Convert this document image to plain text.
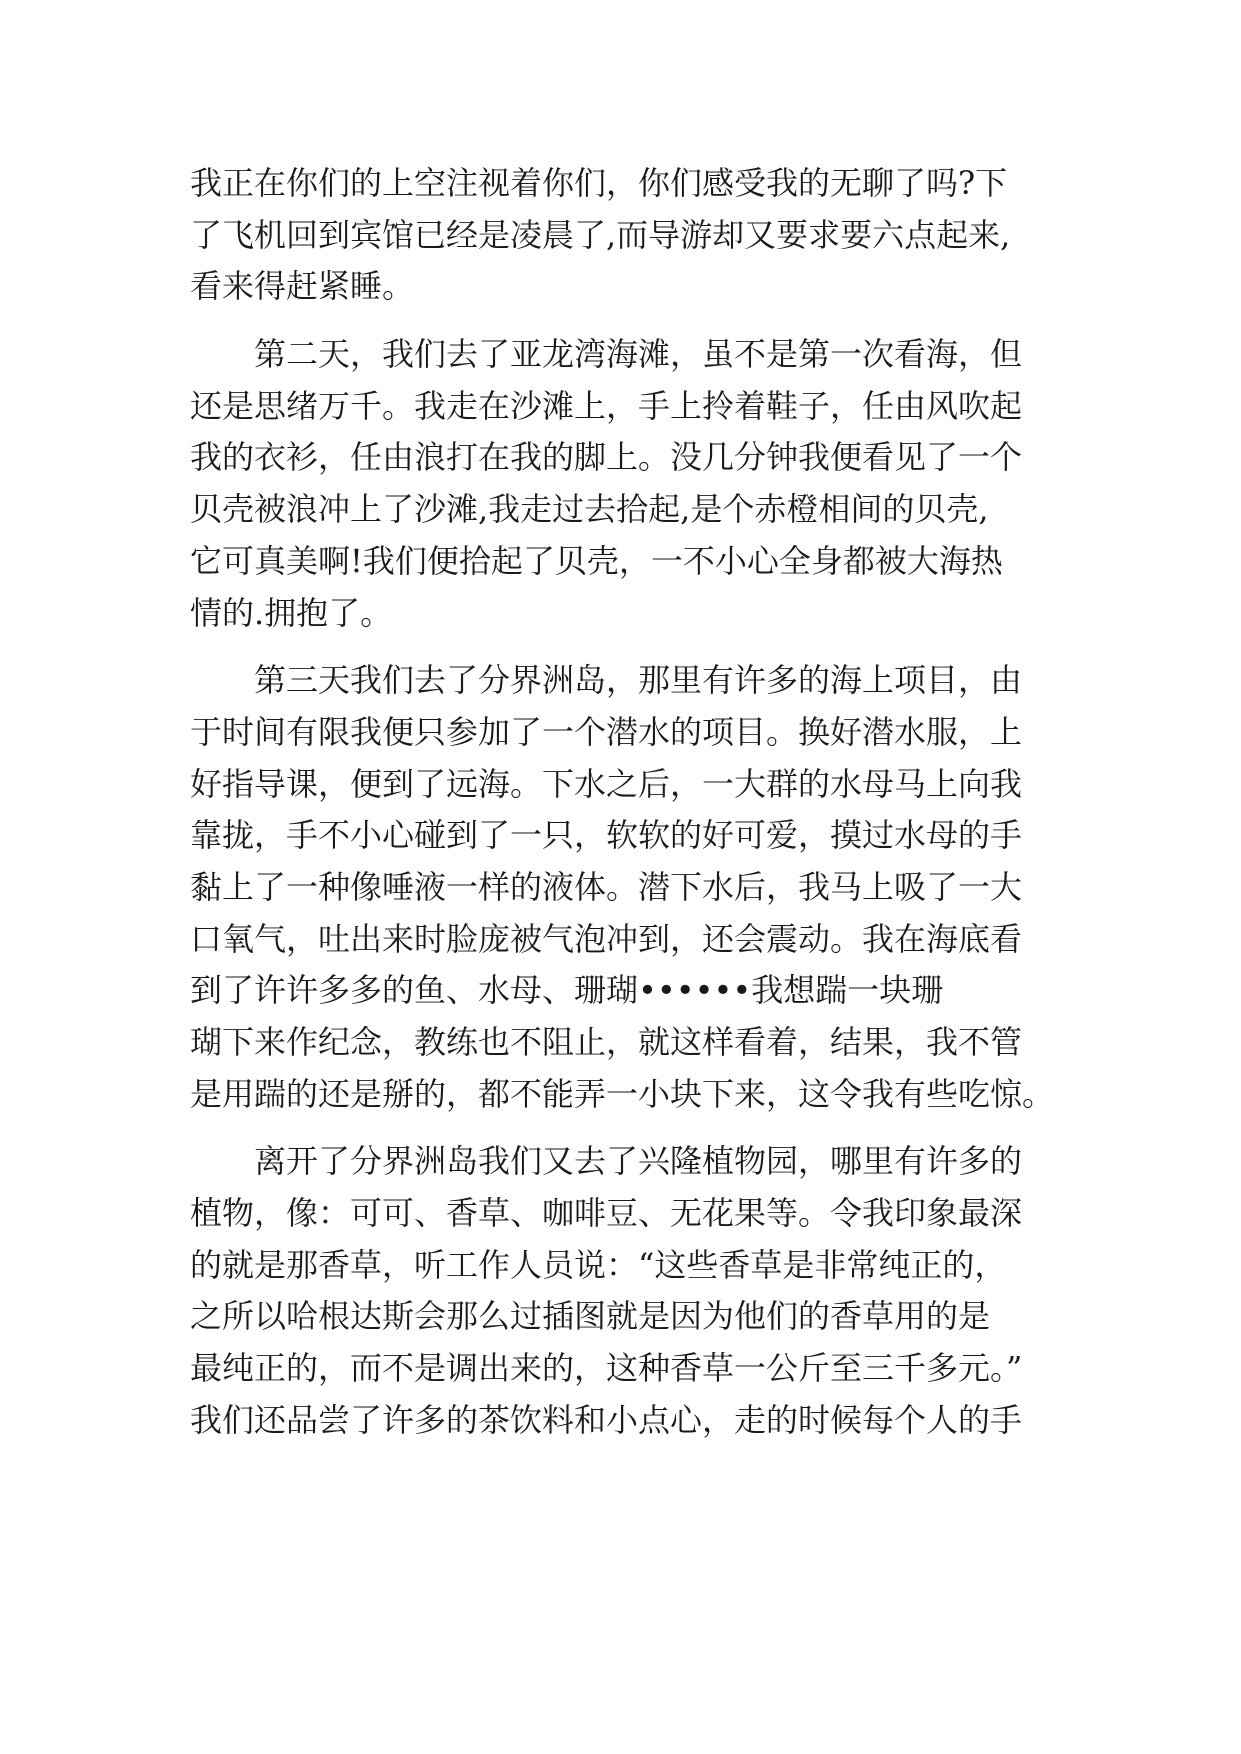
我正在你们的上空注视着你们，你们感受我的无聊了吗?下
了飞机回到宾馆已经是凌晨了,而导游却又要求要六点起来,
看来得赶紧睡。
第二天，我们去了亚龙湾海滩，虽不是第一次看海，但
还是思绪万千。我走在沙滩上，手上拎着鞋子，任由风吹起
我的衣衫，任由浪打在我的脚上。没几分钟我便看见了一个
贝壳被浪冲上了沙滩,我走过去拾起,是个赤橙相间的贝壳,
它可真美啊!我们便拾起了贝壳，一不小心全身都被大海热
情的.拥抱了。
第三天我们去了分界洲岛，那里有许多的海上项目，由
于时间有限我便只参加了一个潜水的项目。换好潜水服，上
好指导课，便到了远海。下水之后，一大群的水母马上向我
靠拢，手不小心碰到了一只，软软的好可爱，摸过水母的手
黏上了一种像唾液一样的液体。潜下水后，我马上吸了一大
口氧气，吐出来时脸庞被气泡冲到，还会震动。我在海底看
到了许许多多的鱼、水母、珊瑚••••••我想踹一块珊
瑚下来作纪念，教练也不阻止，就这样看着，结果，我不管
是用踹的还是掰的，都不能弄一小块下来，这令我有些吃惊。
离开了分界洲岛我们又去了兴隆植物园，哪里有许多的
植物，像：可可、香草、咖啡豆、无花果等。令我印象最深
的就是那香草，听工作人员说：“这些香草是非常纯正的，
之所以哈根达斯会那么过插图就是因为他们的香草用的是
最纯正的，而不是调出来的，这种香草一公斤至三千多元。”
我们还品尝了许多的茶饮料和小点心，走的时候每个人的手
